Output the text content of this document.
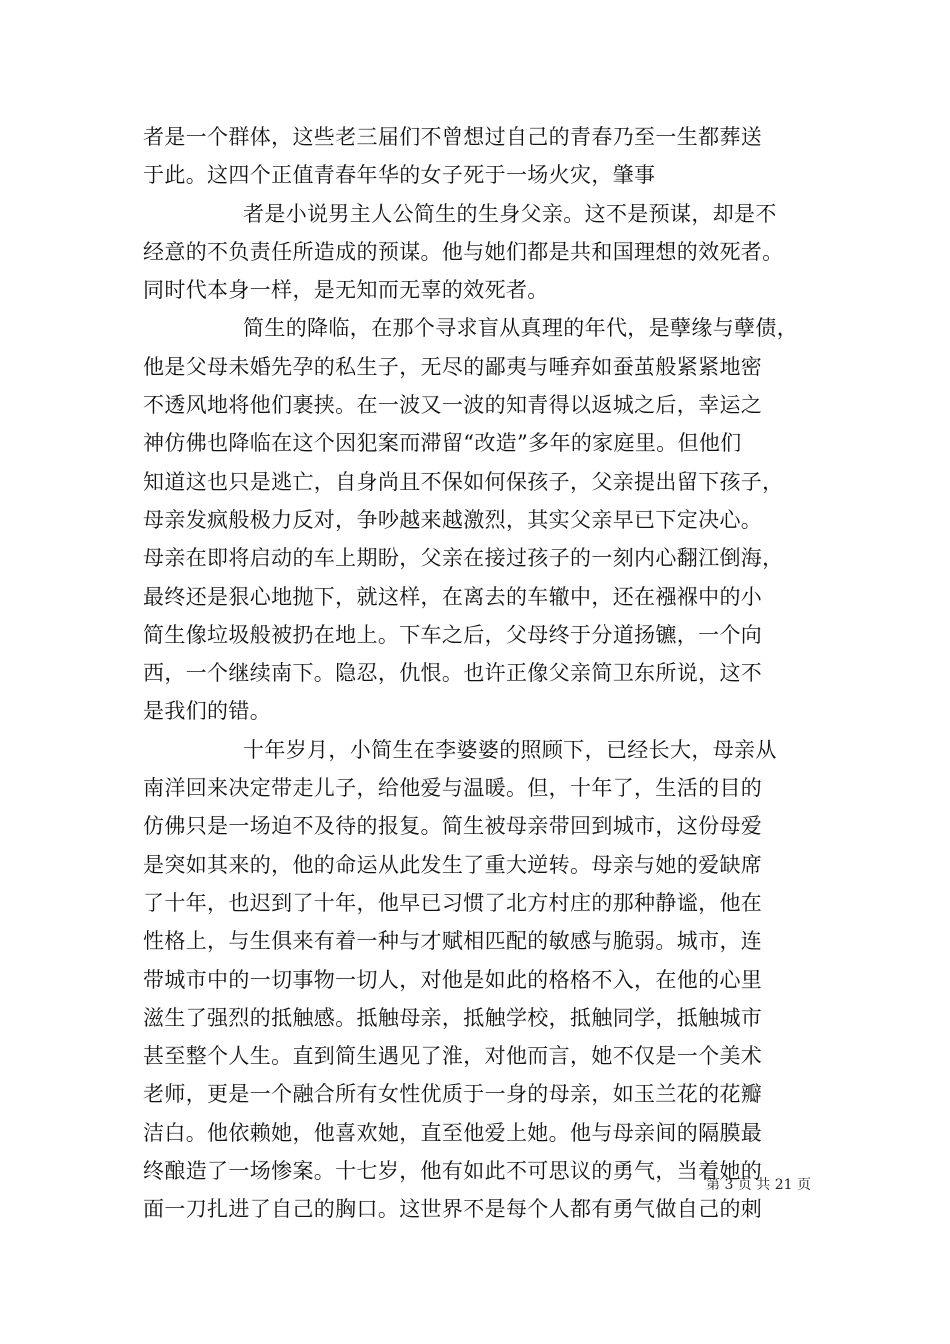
者是一个群体，这些老三届们不曾想过自己的青春乃至一生都葬送
于此。这四个正值青春年华的女子死于一场火灾，肇事
者是小说男主人公简生的生身父亲。这不是预谋，却是不
经意的不负责任所造成的预谋。他与她们都是共和国理想的效死者。
同时代本身一样，是无知而无辜的效死者。
简生的降临，在那个寻求盲从真理的年代，是孽缘与孽债，
他是父母未婚先孕的私生子，无尽的鄙夷与唾弃如蚕茧般紧紧地密
不透风地将他们裹挟。在一波又一波的知青得以返城之后，幸运之
神仿佛也降临在这个因犯案而滞留“改造”多年的家庭里。但他们
知道这也只是逃亡，自身尚且不保如何保孩子，父亲提出留下孩子，
母亲发疯般极力反对，争吵越来越激烈，其实父亲早已下定决心。
母亲在即将启动的车上期盼，父亲在接过孩子的一刻内心翻江倒海，
最终还是狠心地抛下，就这样，在离去的车辙中，还在襁褓中的小
简生像垃圾般被扔在地上。下车之后，父母终于分道扬镳，一个向
西，一个继续南下。隐忍，仇恨。也许正像父亲简卫东所说，这不
是我们的错。
十年岁月，小简生在李婆婆的照顾下，已经长大，母亲从
南洋回来决定带走儿子，给他爱与温暖。但，十年了，生活的目的
仿佛只是一场迫不及待的报复。简生被母亲带回到城市，这份母爱
是突如其来的，他的命运从此发生了重大逆转。母亲与她的爱缺席
了十年，也迟到了十年，他早已习惯了北方村庄的那种静谧，他在
性格上，与生俱来有着一种与才赋相匹配的敏感与脆弱。城市，连
带城市中的一切事物一切人，对他是如此的格格不入，在他的心里
滋生了强烈的抵触感。抵触母亲，抵触学校，抵触同学，抵触城市
甚至整个人生。直到简生遇见了淮，对他而言，她不仅是一个美术
老师，更是一个融合所有女性优质于一身的母亲，如玉兰花的花瓣
洁白。他依赖她，他喜欢她，直至他爱上她。他与母亲间的隔膜最
终酿造了一场惨案。十七岁，他有如此不可思议的勇气，当着她的
面一刀扎进了自己的胸口。这世界不是每个人都有勇气做自己的刺
第 3 页 共 21 页
